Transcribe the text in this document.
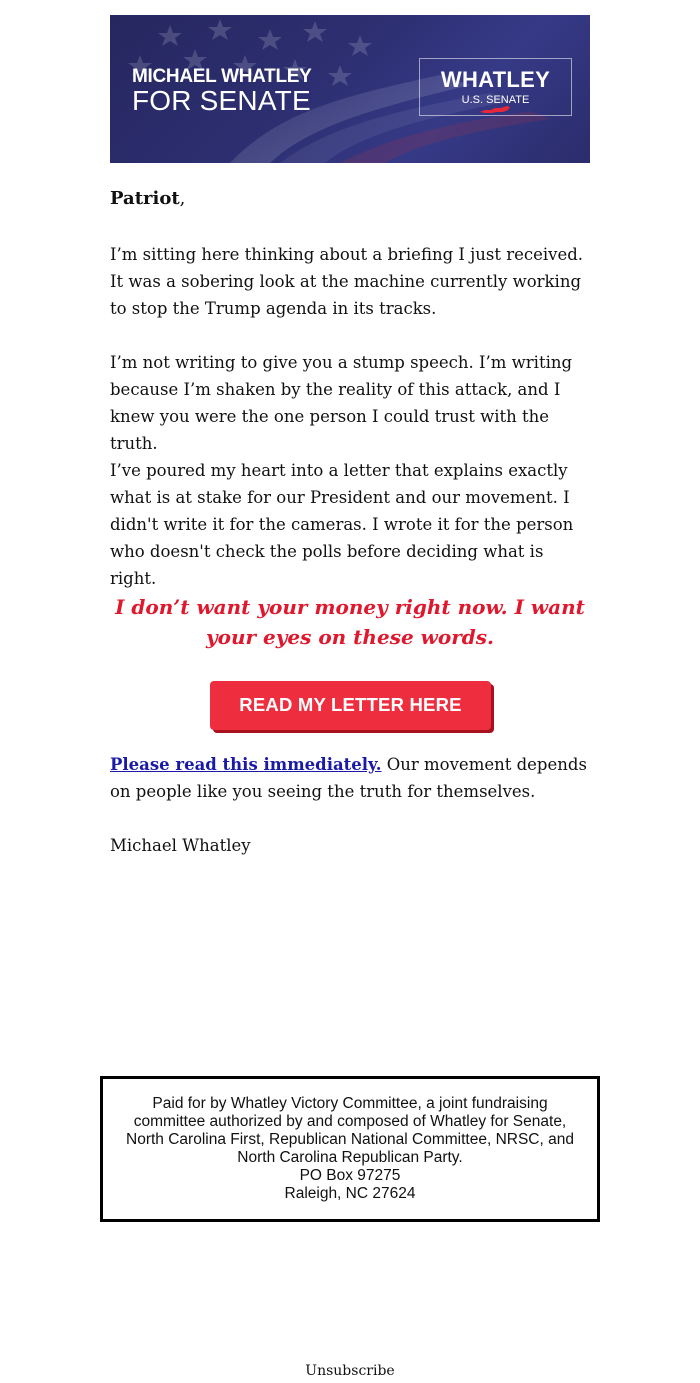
MICHAEL WHATLEY
FOR SENATE
WHATLEY
U.S. SENATE
Patriot,
I’m sitting here thinking about a briefing I just received. It was a sobering look at the machine currently working to stop the Trump agenda in its tracks.
I’m not writing to give you a stump speech. I’m writing because I’m shaken by the reality of this attack, and I knew you were the one person I could trust with the truth.
I’ve poured my heart into a letter that explains exactly what is at stake for our President and our movement. I didn't write it for the cameras. I wrote it for the person who doesn't check the polls before deciding what is right.
I don’t want your money right now. I want your eyes on these words.
READ MY LETTER HERE
Please read this immediately. Our movement depends on people like you seeing the truth for themselves.
Michael Whatley
Paid for by Whatley Victory Committee, a joint fundraising committee authorized by and composed of Whatley for Senate, North Carolina First, Republican National Committee, NRSC, and North Carolina Republican Party.
PO Box 97275
Raleigh, NC 27624
Unsubscribe
